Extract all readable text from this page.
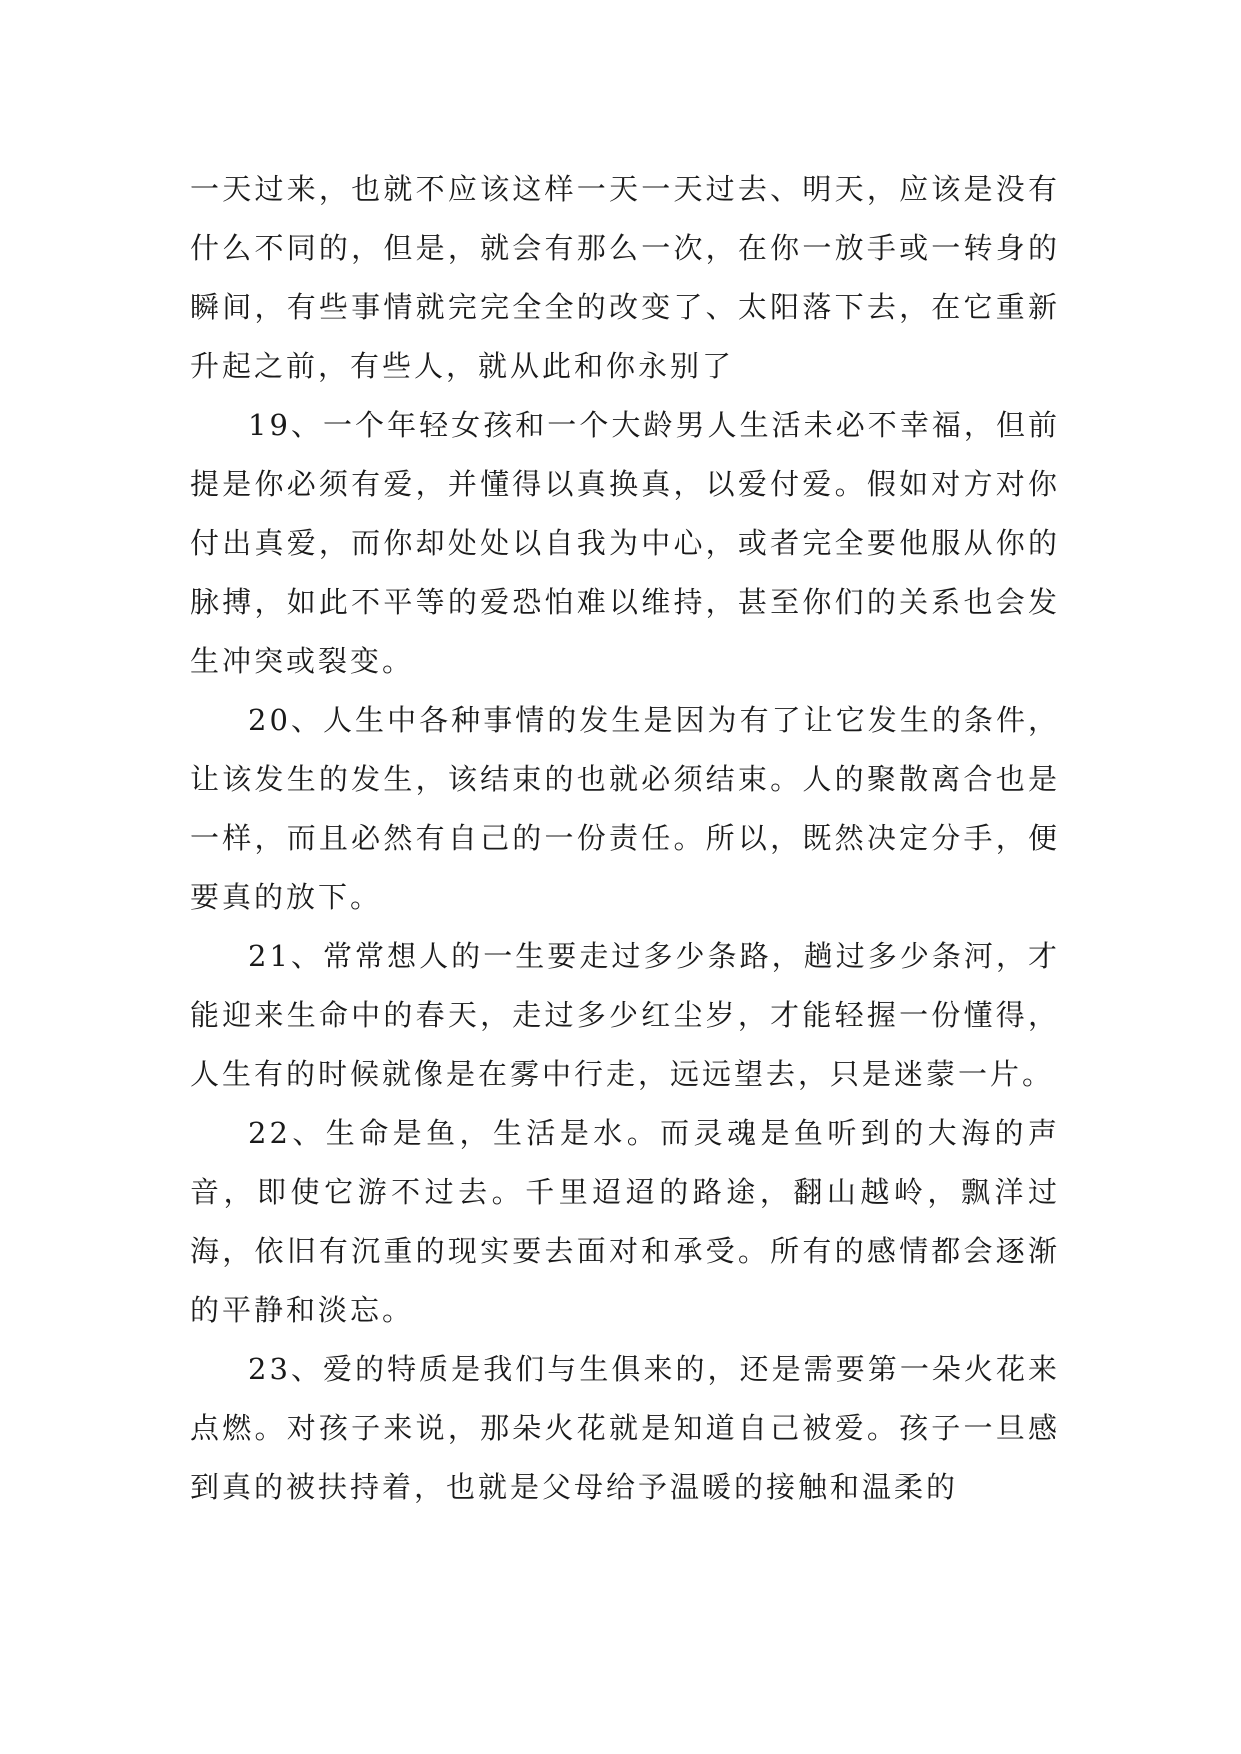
一天过来，也就不应该这样一天一天过去、明天，应该是没有什么不同的，但是，就会有那么一次，在你一放手或一转身的瞬间，有些事情就完完全全的改变了、太阳落下去，在它重新升起之前，有些人，就从此和你永别了

19、一个年轻女孩和一个大龄男人生活未必不幸福，但前提是你必须有爱，并懂得以真换真，以爱付爱。假如对方对你付出真爱，而你却处处以自我为中心，或者完全要他服从你的脉搏，如此不平等的爱恐怕难以维持，甚至你们的关系也会发生冲突或裂变。

20、人生中各种事情的发生是因为有了让它发生的条件，让该发生的发生，该结束的也就必须结束。人的聚散离合也是一样，而且必然有自己的一份责任。所以，既然决定分手，便要真的放下。

21、常常想人的一生要走过多少条路，趟过多少条河，才能迎来生命中的春天，走过多少红尘岁，才能轻握一份懂得，人生有的时候就像是在雾中行走，远远望去，只是迷蒙一片。

22、生命是鱼，生活是水。而灵魂是鱼听到的大海的声音，即使它游不过去。千里迢迢的路途，翻山越岭，飘洋过海，依旧有沉重的现实要去面对和承受。所有的感情都会逐渐的平静和淡忘。

23、爱的特质是我们与生俱来的，还是需要第一朵火花来点燃。对孩子来说，那朵火花就是知道自己被爱。孩子一旦感到真的被扶持着，也就是父母给予温暖的接触和温柔的
